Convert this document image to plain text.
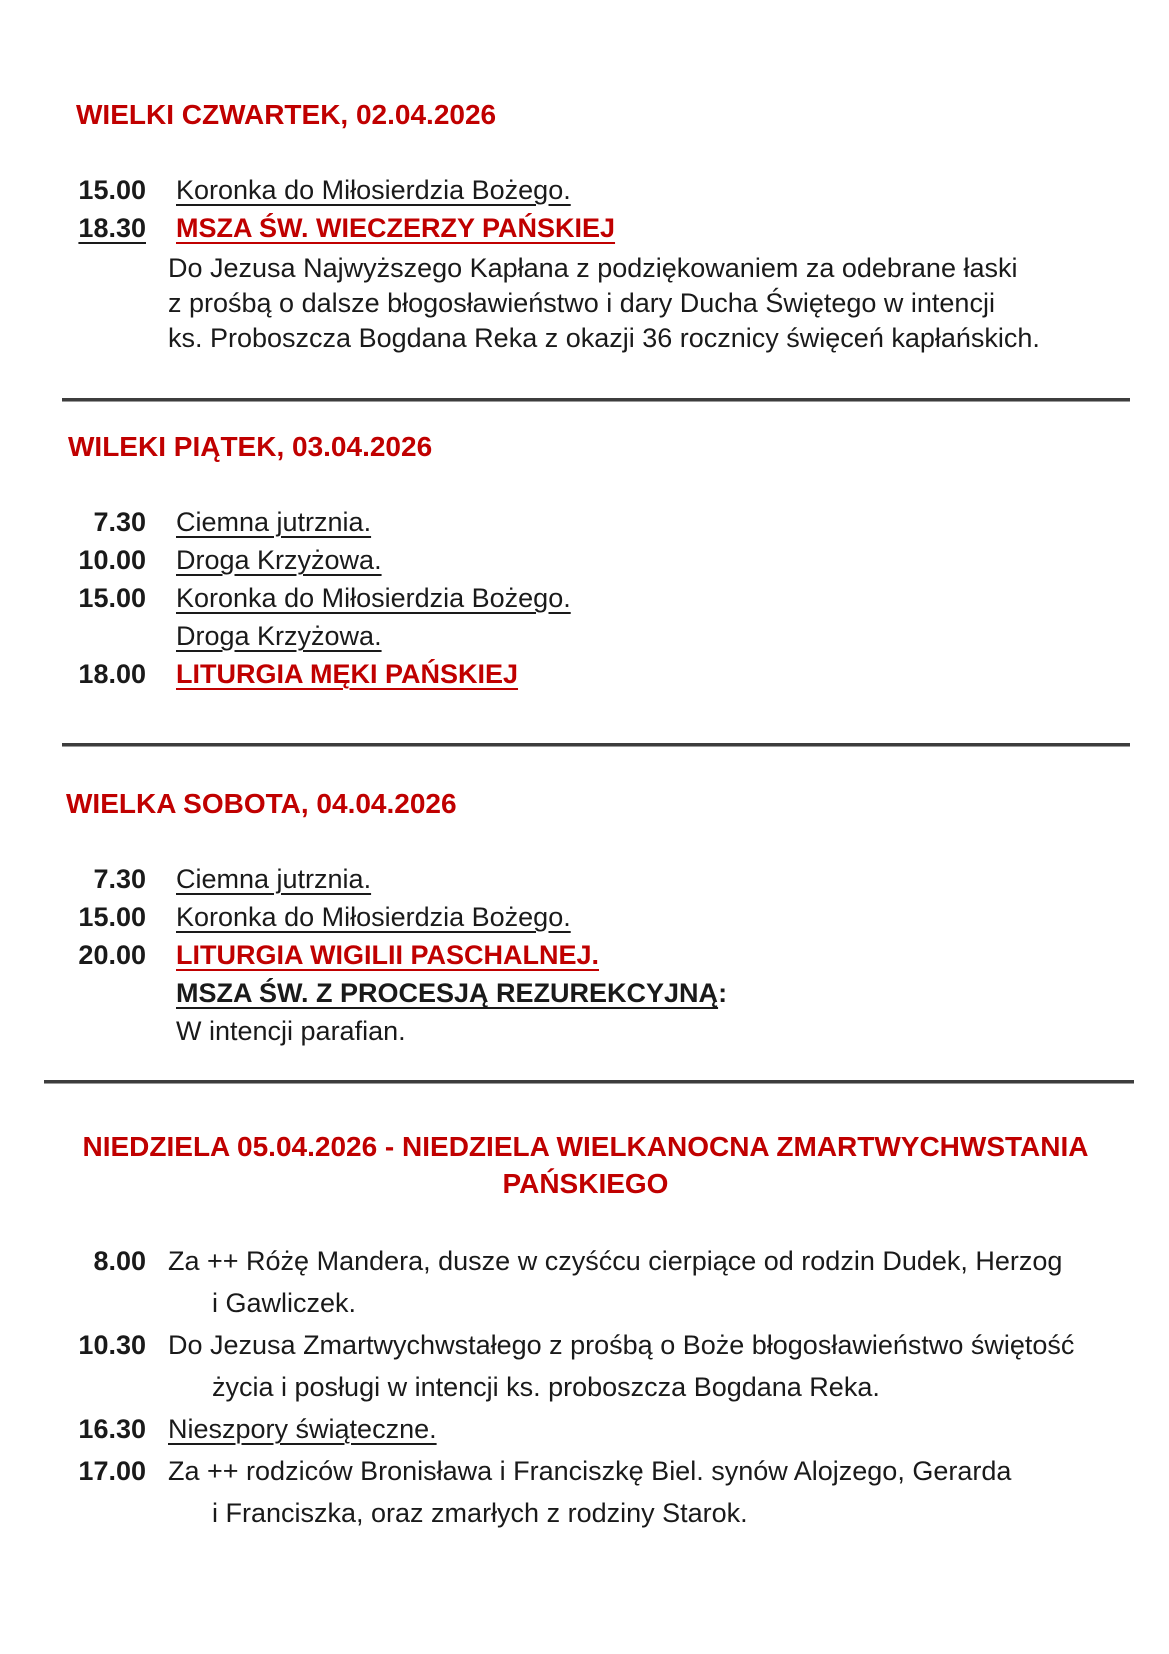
WIELKI CZWARTEK, 02.04.2026
15.00 Koronka do Miłosierdzia Bożego.
18.30 MSZA ŚW. WIECZERZY PAŃSKIEJ
Do Jezusa Najwyższego Kapłana z podziękowaniem za odebrane łaski
z prośbą o dalsze błogosławieństwo i dary Ducha Świętego w intencji
ks. Proboszcza Bogdana Reka z okazji 36 rocznicy święceń kapłańskich.
WILEKI PIĄTEK, 03.04.2026
7.30 Ciemna jutrznia.
10.00 Droga Krzyżowa.
15.00 Koronka do Miłosierdzia Bożego.
Droga Krzyżowa.
18.00 LITURGIA MĘKI PAŃSKIEJ
WIELKA SOBOTA, 04.04.2026
7.30 Ciemna jutrznia.
15.00 Koronka do Miłosierdzia Bożego.
20.00 LITURGIA WIGILII PASCHALNEJ.
MSZA ŚW. Z PROCESJĄ REZUREKCYJNĄ:
W intencji parafian.
NIEDZIELA 05.04.2026 - NIEDZIELA WIELKANOCNA ZMARTWYCHWSTANIA
PAŃSKIEGO
8.00 Za ++ Różę Mandera, dusze w czyśćcu cierpiące od rodzin Dudek, Herzog
i Gawliczek.
10.30 Do Jezusa Zmartwychwstałego z prośbą o Boże błogosławieństwo świętość
życia i posługi w intencji ks. proboszcza Bogdana Reka.
16.30 Nieszpory świąteczne.
17.00 Za ++ rodziców Bronisława i Franciszkę Biel. synów Alojzego, Gerarda
i Franciszka, oraz zmarłych z rodziny Starok.
